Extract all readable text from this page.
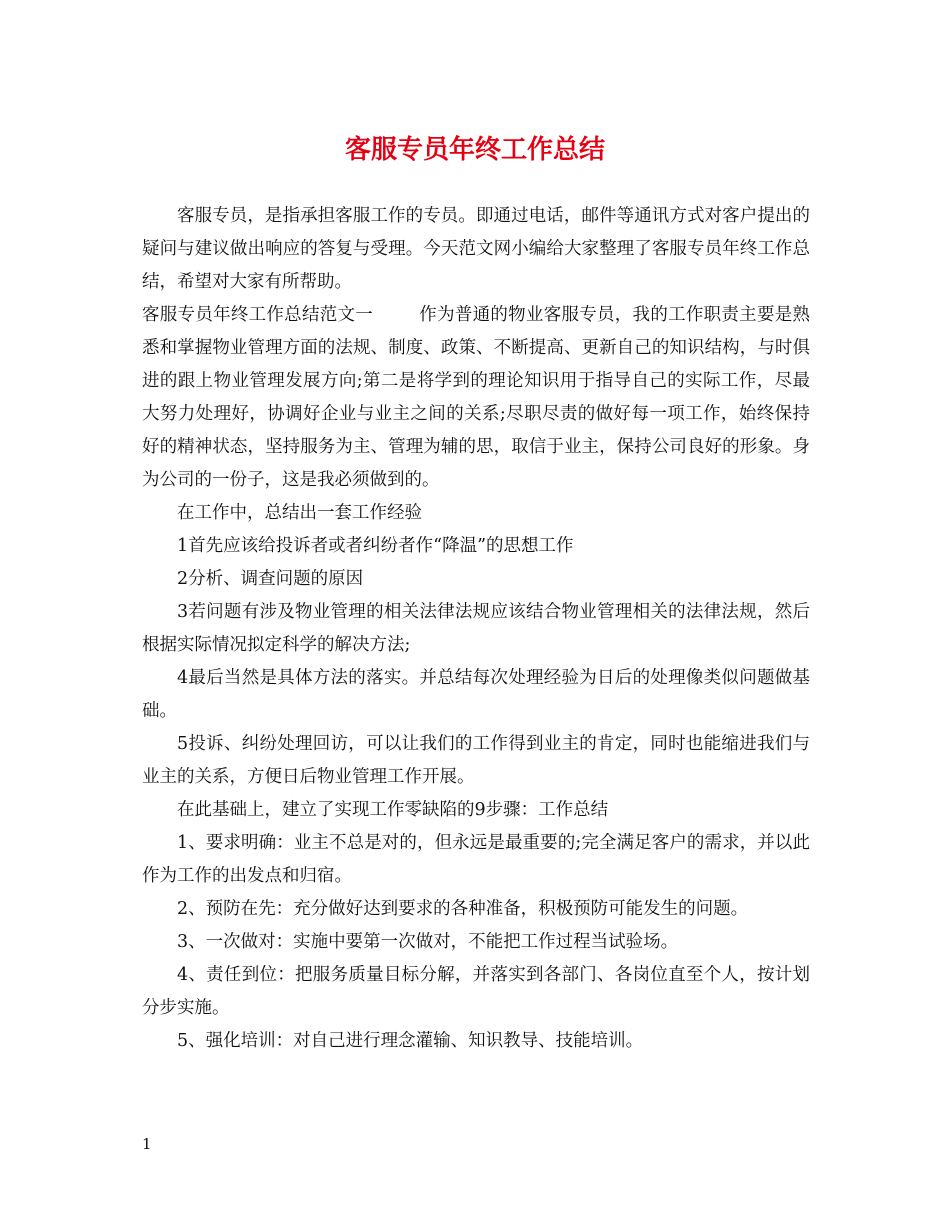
客服专员年终工作总结

客服专员，是指承担客服工作的专员。即通过电话，邮件等通讯方式对客户提出的疑问与建议做出响应的答复与受理。今天范文网小编给大家整理了客服专员年终工作总结，希望对大家有所帮助。

客服专员年终工作总结范文一	作为普通的物业客服专员，我的工作职责主要是熟悉和掌握物业管理方面的法规、制度、政策、不断提高、更新自己的知识结构，与时俱进的跟上物业管理发展方向;第二是将学到的理论知识用于指导自己的实际工作，尽最大努力处理好，协调好企业与业主之间的关系;尽职尽责的做好每一项工作，始终保持好的精神状态，坚持服务为主、管理为辅的思，取信于业主，保持公司良好的形象。身为公司的一份子，这是我必须做到的。

在工作中，总结出一套工作经验

1首先应该给投诉者或者纠纷者作“降温”的思想工作

2分析、调查问题的原因

3若问题有涉及物业管理的相关法律法规应该结合物业管理相关的法律法规，然后根据实际情况拟定科学的解决方法;

4最后当然是具体方法的落实。并总结每次处理经验为日后的处理像类似问题做基础。

5投诉、纠纷处理回访，可以让我们的工作得到业主的肯定，同时也能缩进我们与业主的关系，方便日后物业管理工作开展。

在此基础上，建立了实现工作零缺陷的9步骤：工作总结

1、要求明确：业主不总是对的，但永远是最重要的;完全满足客户的需求，并以此作为工作的出发点和归宿。

2、预防在先：充分做好达到要求的各种准备，积极预防可能发生的问题。

3、一次做对：实施中要第一次做对，不能把工作过程当试验场。

4、责任到位：把服务质量目标分解，并落实到各部门、各岗位直至个人，按计划分步实施。

5、强化培训：对自己进行理念灌输、知识教导、技能培训。

1
